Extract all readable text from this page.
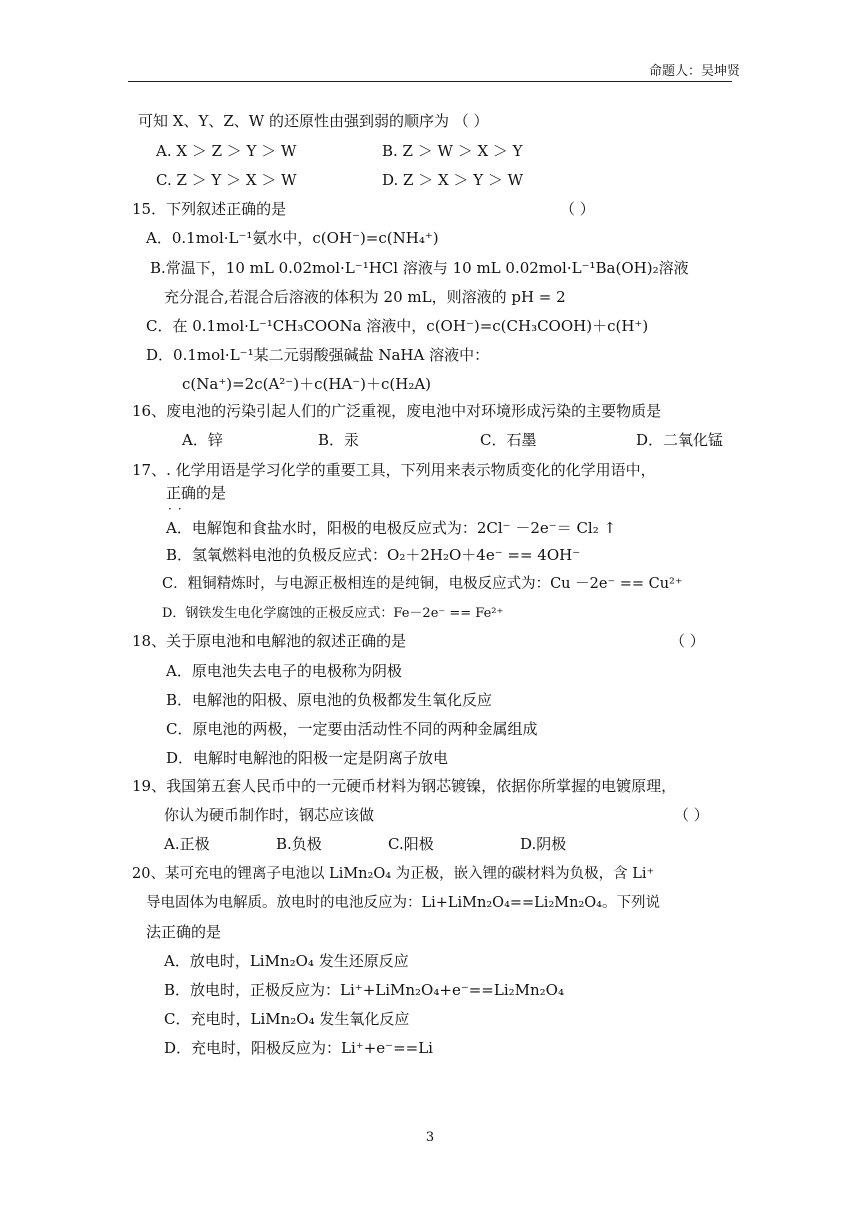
命题人：吴坤贤
可知 X、Y、Z、W 的还原性由强到弱的顺序为 （ ）
A. X ＞ Z ＞ Y ＞ W	B. Z ＞ W ＞ X ＞ Y
C. Z ＞ Y ＞ X ＞ W	D. Z ＞ X ＞ Y ＞ W
15．下列叙述正确的是	（ ）
A．0.1mol·L⁻¹氨水中，c(OH⁻)=c(NH₄⁺)
B.常温下，10 mL 0.02mol·L⁻¹HCl 溶液与 10 mL 0.02mol·L⁻¹Ba(OH)₂溶液
充分混合,若混合后溶液的体积为 20 mL，则溶液的 pH = 2
C．在 0.1mol·L⁻¹CH₃COONa 溶液中，c(OH⁻)=c(CH₃COOH)＋c(H⁺)
D．0.1mol·L⁻¹某二元弱酸强碱盐 NaHA 溶液中：
c(Na⁺)=2c(A²⁻)＋c(HA⁻)＋c(H₂A)
16、废电池的污染引起人们的广泛重视，废电池中对环境形成污染的主要物质是
A．锌	B．汞	C．石墨	D．二氧化锰
17、. 化学用语是学习化学的重要工具，下列用来表示物质变化的化学用语中，
正确的是
··
A．电解饱和食盐水时，阳极的电极反应式为：2Cl⁻ －2e⁻＝ Cl₂ ↑
B．氢氧燃料电池的负极反应式：O₂＋2H₂O＋4e⁻ == 4OH⁻
C．粗铜精炼时，与电源正极相连的是纯铜，电极反应式为：Cu －2e⁻ == Cu²⁺
D．钢铁发生电化学腐蚀的正极反应式：Fe－2e⁻ == Fe²⁺
18、关于原电池和电解池的叙述正确的是	（ ）
A．原电池失去电子的电极称为阴极
B．电解池的阳极、原电池的负极都发生氧化反应
C．原电池的两极，一定要由活动性不同的两种金属组成
D．电解时电解池的阳极一定是阴离子放电
19、我国第五套人民币中的一元硬币材料为钢芯镀镍，依据你所掌握的电镀原理，
你认为硬币制作时，钢芯应该做	（ ）
A.正极	B.负极	C.阳极	D.阴极
20、某可充电的锂离子电池以 LiMn₂O₄ 为正极，嵌入锂的碳材料为负极，含 Li⁺
导电固体为电解质。放电时的电池反应为：Li+LiMn₂O₄==Li₂Mn₂O₄。下列说
法正确的是
A．放电时，LiMn₂O₄ 发生还原反应
B．放电时，正极反应为：Li⁺+LiMn₂O₄+e⁻==Li₂Mn₂O₄
C．充电时，LiMn₂O₄ 发生氧化反应
D．充电时，阳极反应为：Li⁺+e⁻==Li
3
